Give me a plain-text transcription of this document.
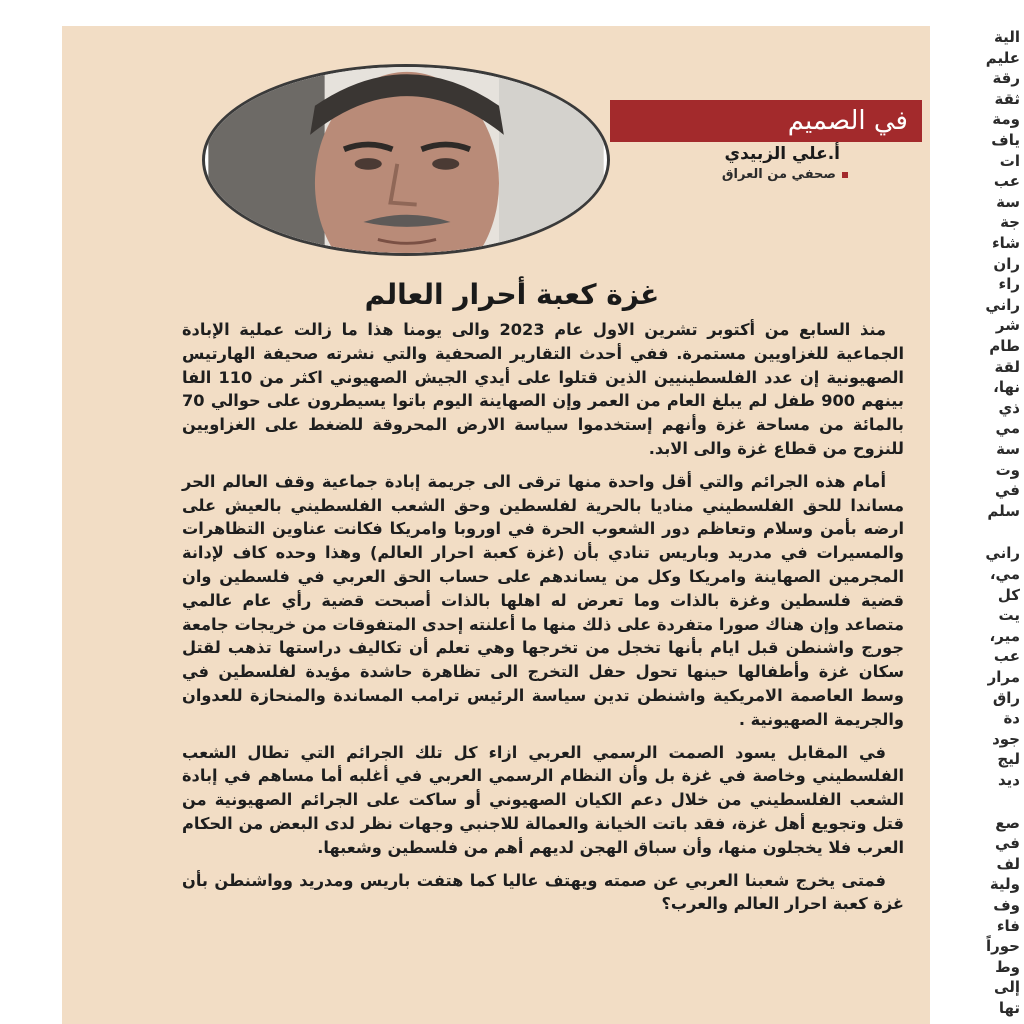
في الصميم
أ.علي الزبيدي
صحفي من العراق
غزة كعبة أحرار العالم

منذ السابع من أكتوبر تشرين الاول عام 2023 والى يومنا هذا ما زالت عملية الإبادة الجماعية للغزاويين مستمرة. ففي أحدث التقارير الصحفية والتي نشرته صحيفة الهارتيس الصهيونية إن عدد الفلسطينيين الذين قتلوا على أيدي الجيش الصهيوني اكثر من 110 الفا بينهم 900 طفل لم يبلغ العام من العمر وإن الصهاينة اليوم باتوا يسيطرون على حوالي 70 بالمائة من مساحة غزة وأنهم إستخدموا سياسة الارض المحروقة للضغط على الغزاويين للنزوح من قطاع غزة والى الابد.

أمام هذه الجرائم والتي أقل واحدة منها ترقى الى جريمة إبادة جماعية وقف العالم الحر مساندا للحق الفلسطيني مناديا بالحرية لفلسطين وحق الشعب الفلسطيني بالعيش على ارضه بأمن وسلام وتعاظم دور الشعوب الحرة في اوروبا وامريكا فكانت عناوين التظاهرات والمسيرات في مدريد وباريس تنادي بأن (غزة كعبة احرار العالم) وهذا وحده كاف لإدانة المجرمين الصهاينة وامريكا وكل من يساندهم على حساب الحق العربي في فلسطين وان قضية فلسطين وغزة بالذات وما تعرض له اهلها بالذات أصبحت قضية رأي عام عالمي متصاعد وإن هناك صورا متفردة على ذلك منها ما أعلنته إحدى المتفوقات من خريجات جامعة جورج واشنطن قبل ايام بأنها تخجل من تخرجها وهي تعلم أن تكاليف دراستها تذهب لقتل سكان غزة وأطفالها حينها تحول حفل التخرج الى تظاهرة حاشدة مؤيدة لفلسطين في وسط العاصمة الامريكية واشنطن تدين سياسة الرئيس ترامب المساندة والمنحازة للعدوان والجريمة الصهيونية .

في المقابل يسود الصمت الرسمي العربي ازاء كل تلك الجرائم التي تطال الشعب الفلسطيني وخاصة في غزة بل وأن النظام الرسمي العربي في أغلبه أما مساهم في إبادة الشعب الفلسطيني من خلال دعم الكيان الصهيوني أو ساكت على الجرائم الصهيونية من قتل وتجويع أهل غزة، فقد باتت الخيانة والعمالة للاجنبي وجهات نظر لدى البعض من الحكام العرب فلا يخجلون منها، وأن سباق الهجن لديهم أهم من فلسطين وشعبها.

فمتى يخرج شعبنا العربي عن صمته ويهتف عاليا كما هتفت باريس ومدريد وواشنطن بأن غزة كعبة احرار العالم والعرب؟

الية
عليم
رقة
ثقة
ومة
ياف
ات
عب
سة
جة
شاء
ران
راء
راني
شر
طام
لقة
نها،
ذي
مي
سة
وت
في
سلم
راني
مي،
كل
يت
مير،
عب
مرار
راق
دة
جود
ليج
ديد
صع
في
لف
ولية
وف
فاء
حوراً
وط
إلى
تها
